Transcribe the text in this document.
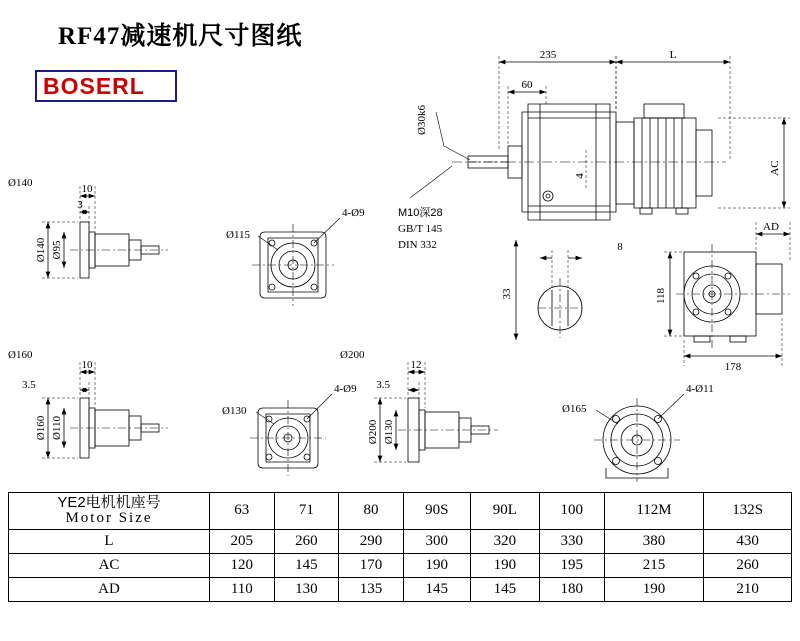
RF47减速机尺寸图纸
BOSERL
235	L
60
Ø30k6
AC
4
M10深28
GB/T 145
DIN 332
AD
8
33	118
178
Ø140	10
3
Ø140 Ø95
4-Ø9
Ø115
Ø160
10
3.5
Ø160 Ø110
4-Ø9
Ø130
Ø200
12
3.5
Ø200 Ø130
4-Ø11
Ø165
YE2电机机座号
Motor Size	63	71	80	90S	90L	100	112M	132S
L	205	260	290	300	320	330	380	430
AC	120	145	170	190	190	195	215	260
AD	110	130	135	145	145	180	190	210
